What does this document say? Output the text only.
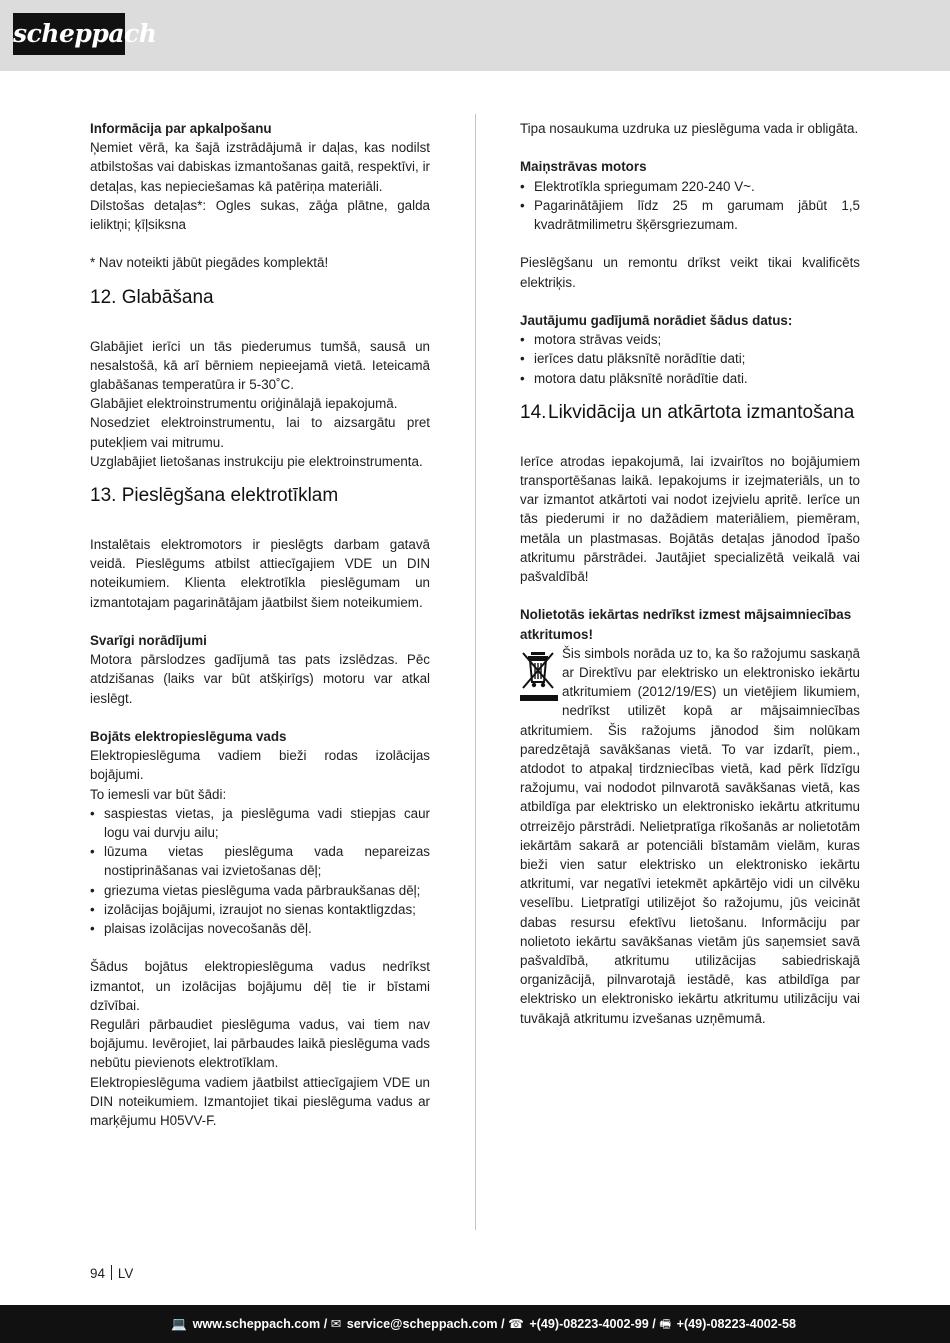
scheppach

Informācija par apkalpošanu

Ņemiet vērā, ka šajā izstrādājumā ir daļas, kas nodilst atbilstošas vai dabiskas izmantošanas gaitā, respektīvi, ir detaļas, kas nepieciešamas kā patēriņa materiāli.

Dilstošas detaļas*: Ogles sukas, zāģa plātne, galda ieliktņi; ķīļsiksna

* Nav noteikti jābūt piegādes komplektā!

12. Glabāšana

Glabājiet ierīci un tās piederumus tumšā, sausā un nesalstošā, kā arī bērniem nepieejamā vietā. Ieteicamā glabāšanas temperatūra ir 5-30˚C.

Glabājiet elektroinstrumentu oriģinālajā iepakojumā.

Nosedziet elektroinstrumentu, lai to aizsargātu pret putekļiem vai mitrumu.

Uzglabājiet lietošanas instrukciju pie elektroinstrumenta.

13. Pieslēgšana elektrotīklam

Instalētais elektromotors ir pieslēgts darbam gatavā veidā. Pieslēgums atbilst attiecīgajiem VDE un DIN noteikumiem. Klienta elektrotīkla pieslēgumam un izmantotajam pagarinātājam jāatbilst šiem noteikumiem.

Svarīgi norādījumi

Motora pārslodzes gadījumā tas pats izslēdzas. Pēc atdzišanas (laiks var būt atšķirīgs) motoru var atkal ieslēgt.

Bojāts elektropieslēguma vads

Elektropieslēguma vadiem bieži rodas izolācijas bojājumi.

To iemesli var būt šādi:

• saspiestas vietas, ja pieslēguma vadi stiepjas caur logu vai durvju ailu;
• lūzuma vietas pieslēguma vada nepareizas nostiprināšanas vai izvietošanas dēļ;
• griezuma vietas pieslēguma vada pārbraukšanas dēļ;
• izolācijas bojājumi, izraujot no sienas kontaktligzdas;
• plaisas izolācijas novecošanās dēļ.

Šādus bojātus elektropieslēguma vadus nedrīkst izmantot, un izolācijas bojājumu dēļ tie ir bīstami dzīvībai.

Regulāri pārbaudiet pieslēguma vadus, vai tiem nav bojājumu. Ievērojiet, lai pārbaudes laikā pieslēguma vads nebūtu pievienots elektrotīklam.

Elektropieslēguma vadiem jāatbilst attiecīgajiem VDE un DIN noteikumiem. Izmantojiet tikai pieslēguma vadus ar marķējumu H05VV-F.

Tipa nosaukuma uzdruka uz pieslēguma vada ir obligāta.

Maiņstrāvas motors

• Elektrotīkla spriegumam 220-240 V~.
• Pagarinātājiem līdz 25 m garumam jābūt 1,5 kvadrātmilimetru šķērsgriezumam.

Pieslēgšanu un remontu drīkst veikt tikai kvalificēts elektriķis.

Jautājumu gadījumā norādiet šādus datus:

• motora strāvas veids;
• ierīces datu plāksnītē norādītie dati;
• motora datu plāksnītē norādītie dati.
14.Likvidācija un atkārtota izmantošana

Ierīce atrodas iepakojumā, lai izvairītos no bojājumiem transportēšanas laikā. Iepakojums ir izejmateriāls, un to var izmantot atkārtoti vai nodot izejvielu apritē. Ierīce un tās piederumi ir no dažādiem materiāliem, piemēram, metāla un plastmasas. Bojātās detaļas jānodod īpašo atkritumu pārstrādei. Jautājiet specializētā veikalā vai pašvaldībā!

Nolietotās iekārtas nedrīkst izmest mājsaimniecības atkritumos!

Šis simbols norāda uz to, ka šo ražojumu saskaņā ar Direktīvu par elektrisko un elektronisko iekārtu atkritumiem (2012/19/ES) un vietējiem likumiem, nedrīkst utilizēt kopā ar mājsaimniecības atkritumiem. Šis ražojums jānodod šim nolūkam paredzētajā savākšanas vietā. To var izdarīt, piem., atdodot to atpakaļ tirdzniecības vietā, kad pērk līdzīgu ražojumu, vai nododot pilnvarotā savākšanas vietā, kas atbildīga par elektrisko un elektronisko iekārtu atkritumu otrreizējo pārstrādi. Nelietpratīga rīkošanās ar nolietotām iekārtām sakarā ar potenciāli bīstamām vielām, kuras bieži vien satur elektrisko un elektronisko iekārtu atkritumi, var negatīvi ietekmēt apkārtējo vidi un cilvēku veselību. Lietpratīgi utilizējot šo ražojumu, jūs veicināt dabas resursu efektīvu lietošanu. Informāciju par nolietoto iekārtu savākšanas vietām jūs saņemsiet savā pašvaldībā, atkritumu utilizācijas sabiedriskajā organizācijā, pilnvarotajā iestādē, kas atbildīga par elektrisko un elektronisko iekārtu atkritumu utilizāciju vai tuvākajā atkritumu izvešanas uzņēmumā.

94 LV
💻 www.scheppach.com / ✉ service@scheppach.com / ☎ +(49)-08223-4002-99 / 🖷 +(49)-08223-4002-58
